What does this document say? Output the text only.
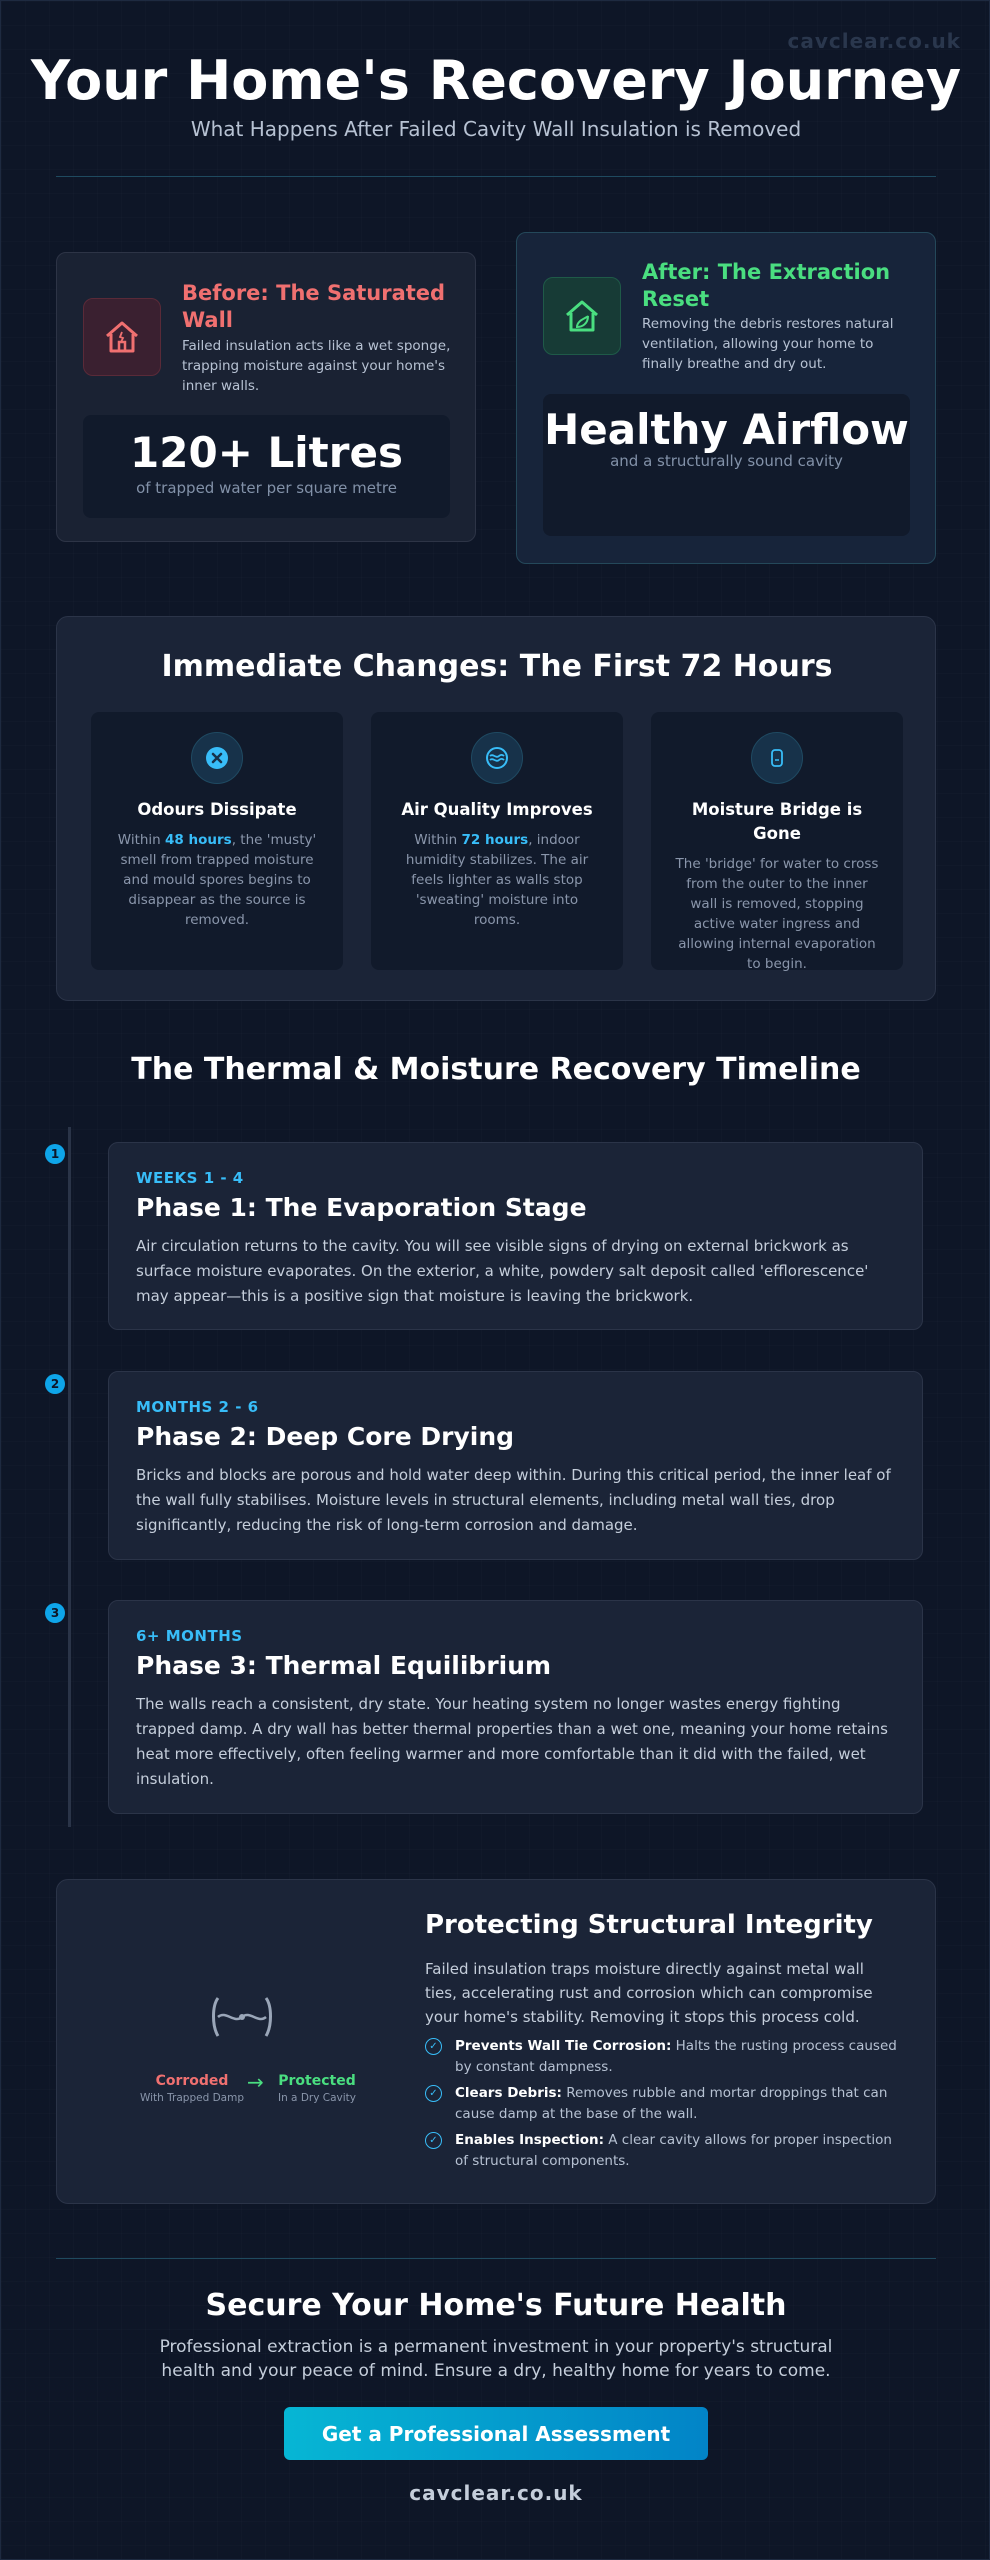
cavclear.co.uk
Your Home's Recovery Journey
What Happens After Failed Cavity Wall Insulation is Removed
Before: The Saturated Wall
Failed insulation acts like a wet sponge, trapping moisture against your home's inner walls.
120+ Litres
of trapped water per square metre
After: The Extraction Reset
Removing the debris restores natural ventilation, allowing your home to finally breathe and dry out.
Healthy Airflow
and a structurally sound cavity
Immediate Changes: The First 72 Hours
Odours Dissipate
Within 48 hours, the 'musty' smell from trapped moisture and mould spores begins to disappear as the source is removed.
Air Quality Improves
Within 72 hours, indoor humidity stabilizes. The air feels lighter as walls stop 'sweating' moisture into rooms.
Moisture Bridge is Gone
The 'bridge' for water to cross from the outer to the inner wall is removed, stopping active water ingress and allowing internal evaporation to begin.
The Thermal & Moisture Recovery Timeline
1
WEEKS 1 - 4
Phase 1: The Evaporation Stage
Air circulation returns to the cavity. You will see visible signs of drying on external brickwork as surface moisture evaporates. On the exterior, a white, powdery salt deposit called 'efflorescence' may appear—this is a positive sign that moisture is leaving the brickwork.
2
MONTHS 2 - 6
Phase 2: Deep Core Drying
Bricks and blocks are porous and hold water deep within. During this critical period, the inner leaf of the wall fully stabilises. Moisture levels in structural elements, including metal wall ties, drop significantly, reducing the risk of long-term corrosion and damage.
3
6+ MONTHS
Phase 3: Thermal Equilibrium
The walls reach a consistent, dry state. Your heating system no longer wastes energy fighting trapped damp. A dry wall has better thermal properties than a wet one, meaning your home retains heat more effectively, often feeling warmer and more comfortable than it did with the failed, wet insulation.
Corroded
With Trapped Damp
→	Protected
In a Dry Cavity
Protecting Structural Integrity
Failed insulation traps moisture directly against metal wall ties, accelerating rust and corrosion which can compromise your home's stability. Removing it stops this process cold.
✓	Prevents Wall Tie Corrosion: Halts the rusting process caused by constant dampness.
✓	Clears Debris: Removes rubble and mortar droppings that can cause damp at the base of the wall.
✓	Enables Inspection: A clear cavity allows for proper inspection of structural components.
Secure Your Home's Future Health
Professional extraction is a permanent investment in your property's structural health and your peace of mind. Ensure a dry, healthy home for years to come.
Get a Professional Assessment
cavclear.co.uk
